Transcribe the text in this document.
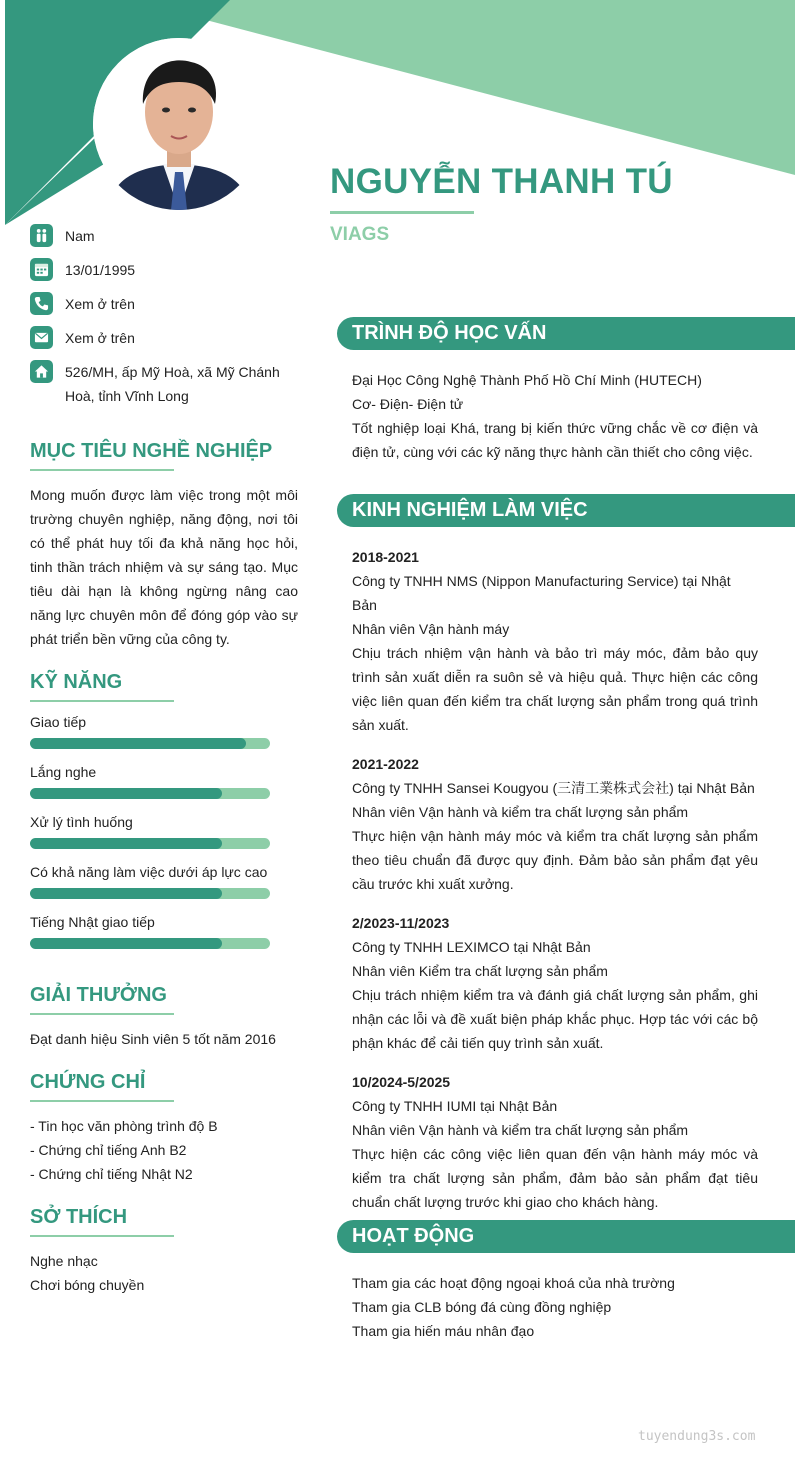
NGUYỄN THANH TÚ
VIAGS
Nam
13/01/1995
Xem ở trên
Xem ở trên
526/MH, ấp Mỹ Hoà, xã Mỹ Chánh Hoà, tỉnh Vĩnh Long
MỤC TIÊU NGHỀ NGHIỆP
Mong muốn được làm việc trong một môi trường chuyên nghiệp, năng động, nơi tôi có thể phát huy tối đa khả năng học hỏi, tinh thần trách nhiệm và sự sáng tạo. Mục tiêu dài hạn là không ngừng nâng cao năng lực chuyên môn để đóng góp vào sự phát triển bền vững của công ty.
KỸ NĂNG
Giao tiếp
Lắng nghe
Xử lý tình huống
Có khả năng làm việc dưới áp lực cao
Tiếng Nhật giao tiếp
GIẢI THƯỞNG
Đạt danh hiệu Sinh viên 5 tốt năm 2016
CHỨNG CHỈ
- Tin học văn phòng trình độ B
- Chứng chỉ tiếng Anh B2
- Chứng chỉ tiếng Nhật N2
SỞ THÍCH
Nghe nhạc
Chơi bóng chuyền
TRÌNH ĐỘ HỌC VẤN
Đại Học Công Nghệ Thành Phố Hồ Chí Minh (HUTECH)
Cơ- Điện- Điện tử
Tốt nghiệp loại Khá, trang bị kiến thức vững chắc về cơ điện và điện tử, cùng với các kỹ năng thực hành cần thiết cho công việc.
KINH NGHIỆM LÀM VIỆC
2018-2021
Công ty TNHH NMS (Nippon Manufacturing Service) tại Nhật Bản
Nhân viên Vận hành máy
Chịu trách nhiệm vận hành và bảo trì máy móc, đảm bảo quy trình sản xuất diễn ra suôn sẻ và hiệu quả. Thực hiện các công việc liên quan đến kiểm tra chất lượng sản phẩm trong quá trình sản xuất.
2021-2022
Công ty TNHH Sansei Kougyou (三清工業株式会社) tại Nhật Bản
Nhân viên Vận hành và kiểm tra chất lượng sản phẩm
Thực hiện vận hành máy móc và kiểm tra chất lượng sản phẩm theo tiêu chuẩn đã được quy định. Đảm bảo sản phẩm đạt yêu cầu trước khi xuất xưởng.
2/2023-11/2023
Công ty TNHH LEXIMCO tại Nhật Bản
Nhân viên Kiểm tra chất lượng sản phẩm
Chịu trách nhiệm kiểm tra và đánh giá chất lượng sản phẩm, ghi nhận các lỗi và đề xuất biện pháp khắc phục. Hợp tác với các bộ phận khác để cải tiến quy trình sản xuất.
10/2024-5/2025
Công ty TNHH IUMI tại Nhật Bản
Nhân viên Vận hành và kiểm tra chất lượng sản phẩm
Thực hiện các công việc liên quan đến vận hành máy móc và kiểm tra chất lượng sản phẩm, đảm bảo sản phẩm đạt tiêu chuẩn chất lượng trước khi giao cho khách hàng.
HOẠT ĐỘNG
Tham gia các hoạt động ngoại khoá của nhà trường
Tham gia CLB bóng đá cùng đồng nghiệp
Tham gia hiến máu nhân đạo
tuyendung3s.com
